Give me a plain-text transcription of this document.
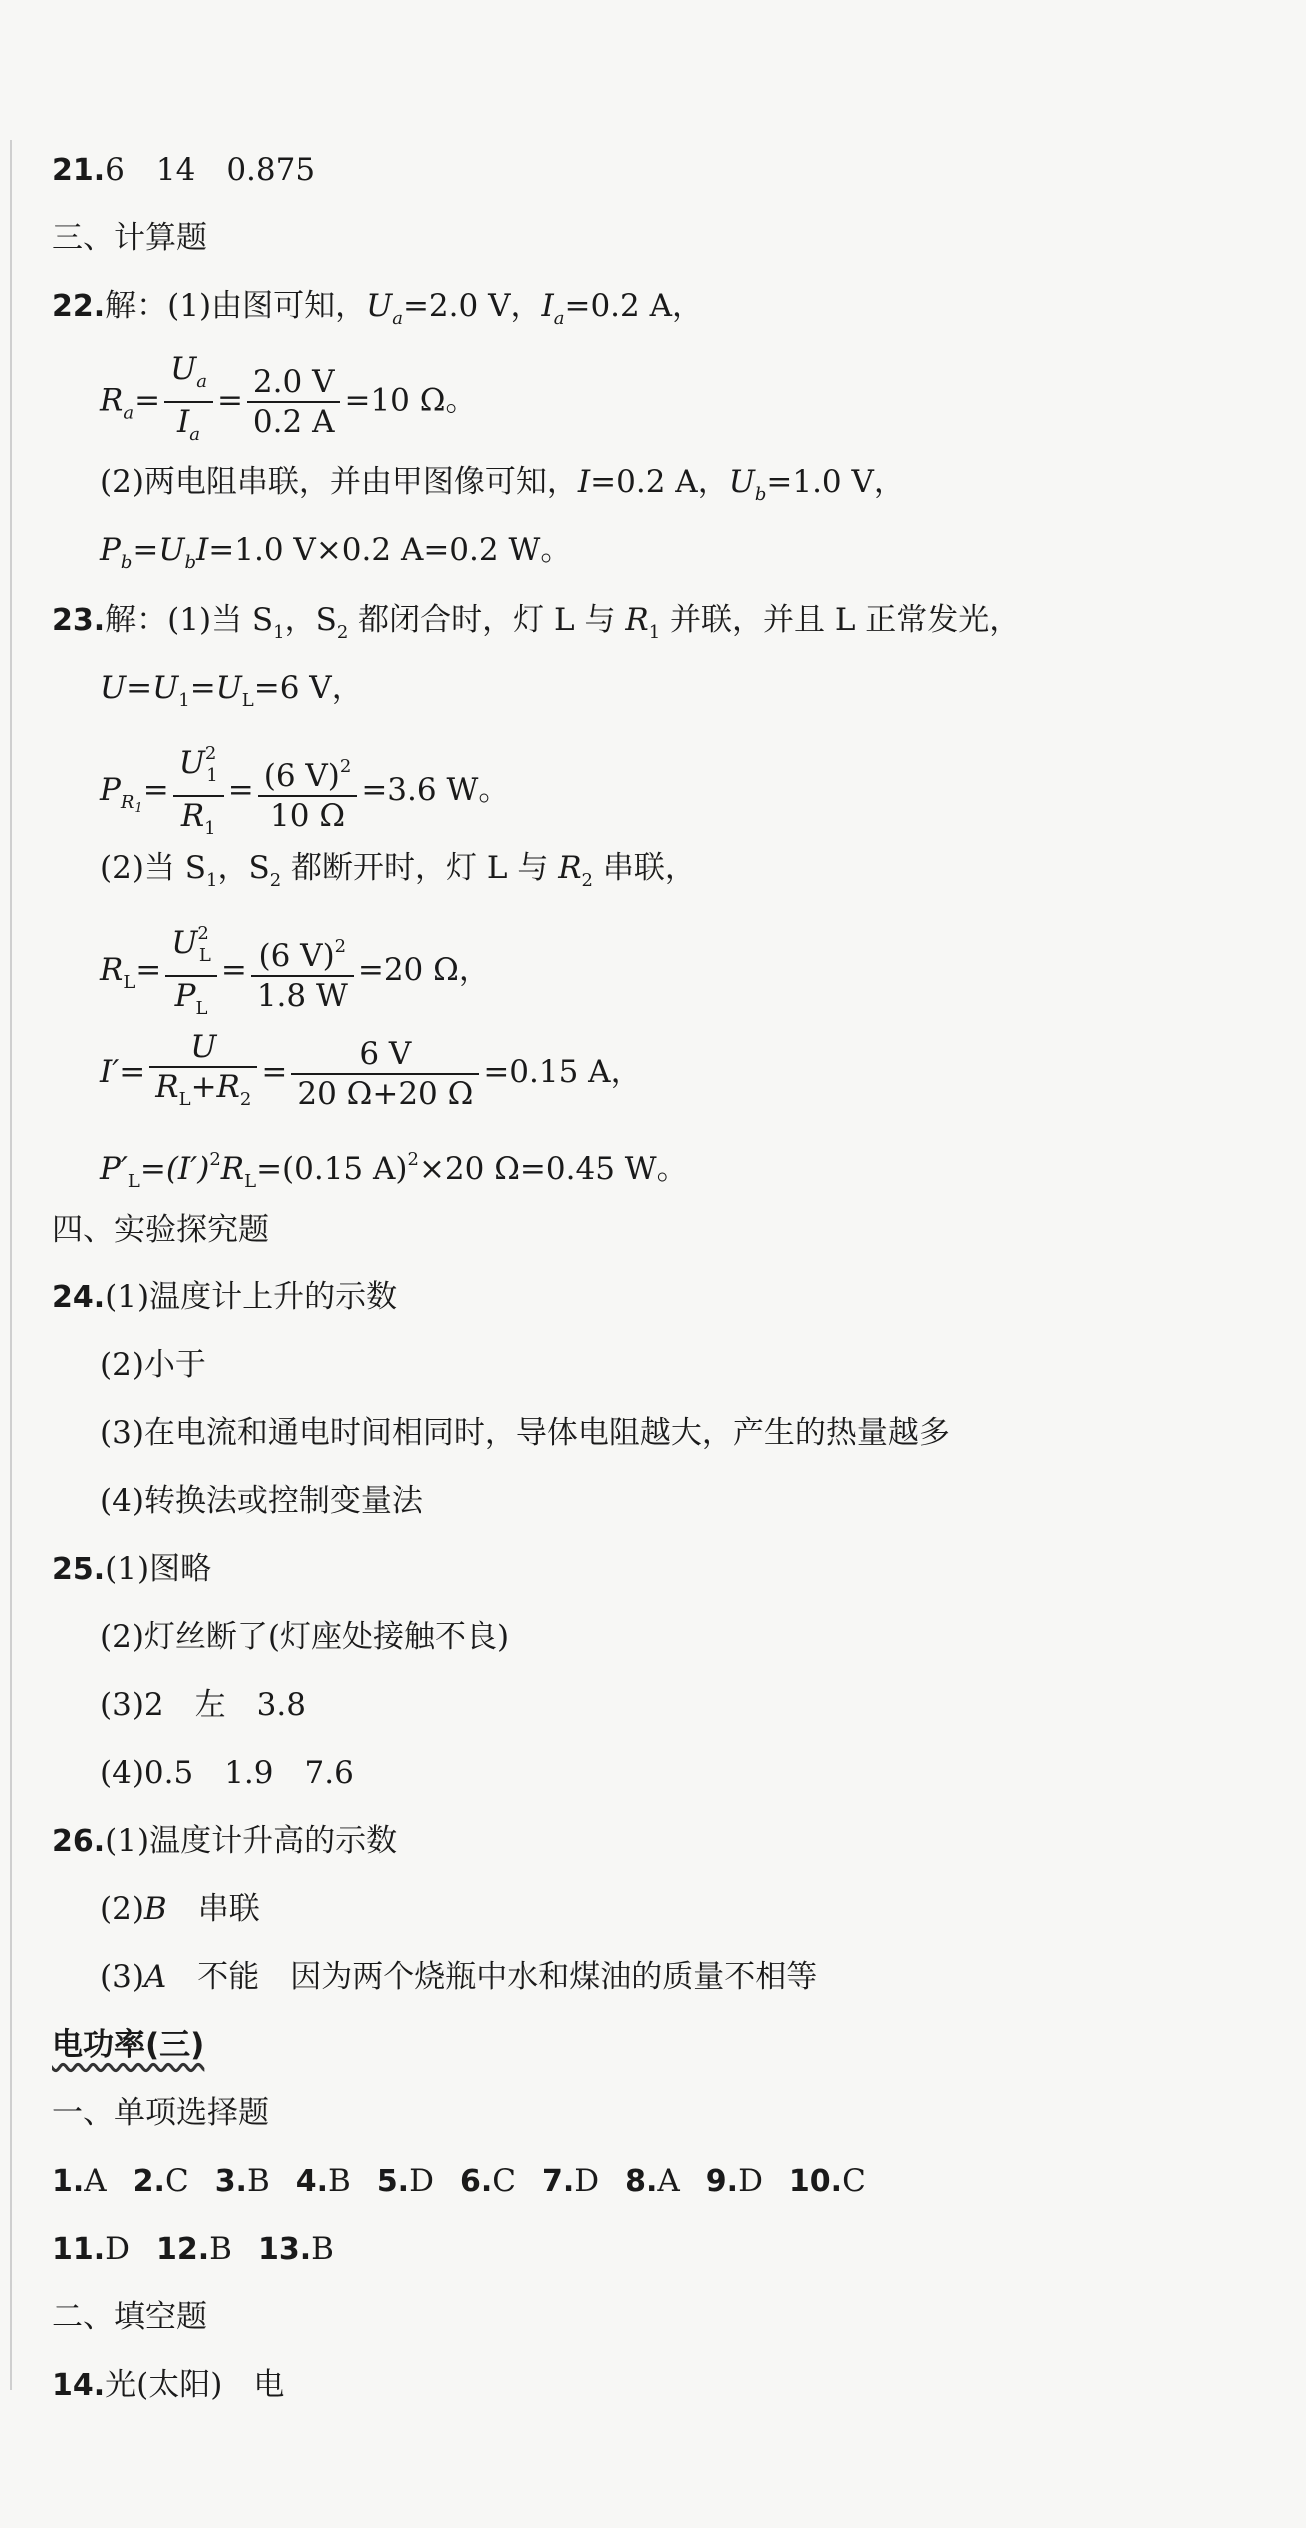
21.6　14　0.875
三、计算题
22.解：(1)由图可知，$U_a=2.0$ V，$I_a=0.2$ A，
$R_a= \frac{U_a}{I_a} = \frac{2.0 V}{0.2 A} =10$ Ω。
(2)两电阻串联，并由甲图像可知，I=0.2 A，$U_b=1.0$ V，
$P_b=U_bI=1.0$ V×0.2 A=0.2 W。
23.解：(1)当 $S_1$，$S_2$ 都闭合时，灯 L 与 $R_1$ 并联，并且 L 正常发光，
$U=U_1=U_L=6$ V，
$P_{R_1}= \frac{U^2_1}{R_1} = \frac{(6 V)^2}{10 \Omega} =3.6$ W。
(2)当 $S_1$，$S_2$ 都断开时，灯 L 与 $R_2$ 串联，
$R_L= \frac{U^2_L}{P_L} = \frac{(6 V)^2}{1.8 W} =20$ Ω，
$I'= \frac{U}{R_L+R_2} = \frac{6 V}{20 \Omega+20 \Omega} =0.15$ A，
$P'_L=(I')^2R_L=(0.15$ A)$^2$×20 Ω=0.45 W。
四、实验探究题
24.(1)温度计上升的示数
(2)小于
(3)在电流和通电时间相同时，导体电阻越大，产生的热量越多
(4)转换法或控制变量法
25.(1)图略
(2)灯丝断了(灯座处接触不良)
(3)2　左　3.8
(4)0.5　1.9　7.6
26.(1)温度计升高的示数
(2)B　串联
(3)A　不能　因为两个烧瓶中水和煤油的质量不相等
电功率(三)
一、单项选择题
1.A 2.C 3.B 4.B 5.D 6.C 7.D 8.A 9.D 10.C
11.D 12.B 13.B
二、填空题
14.光(太阳)　电
